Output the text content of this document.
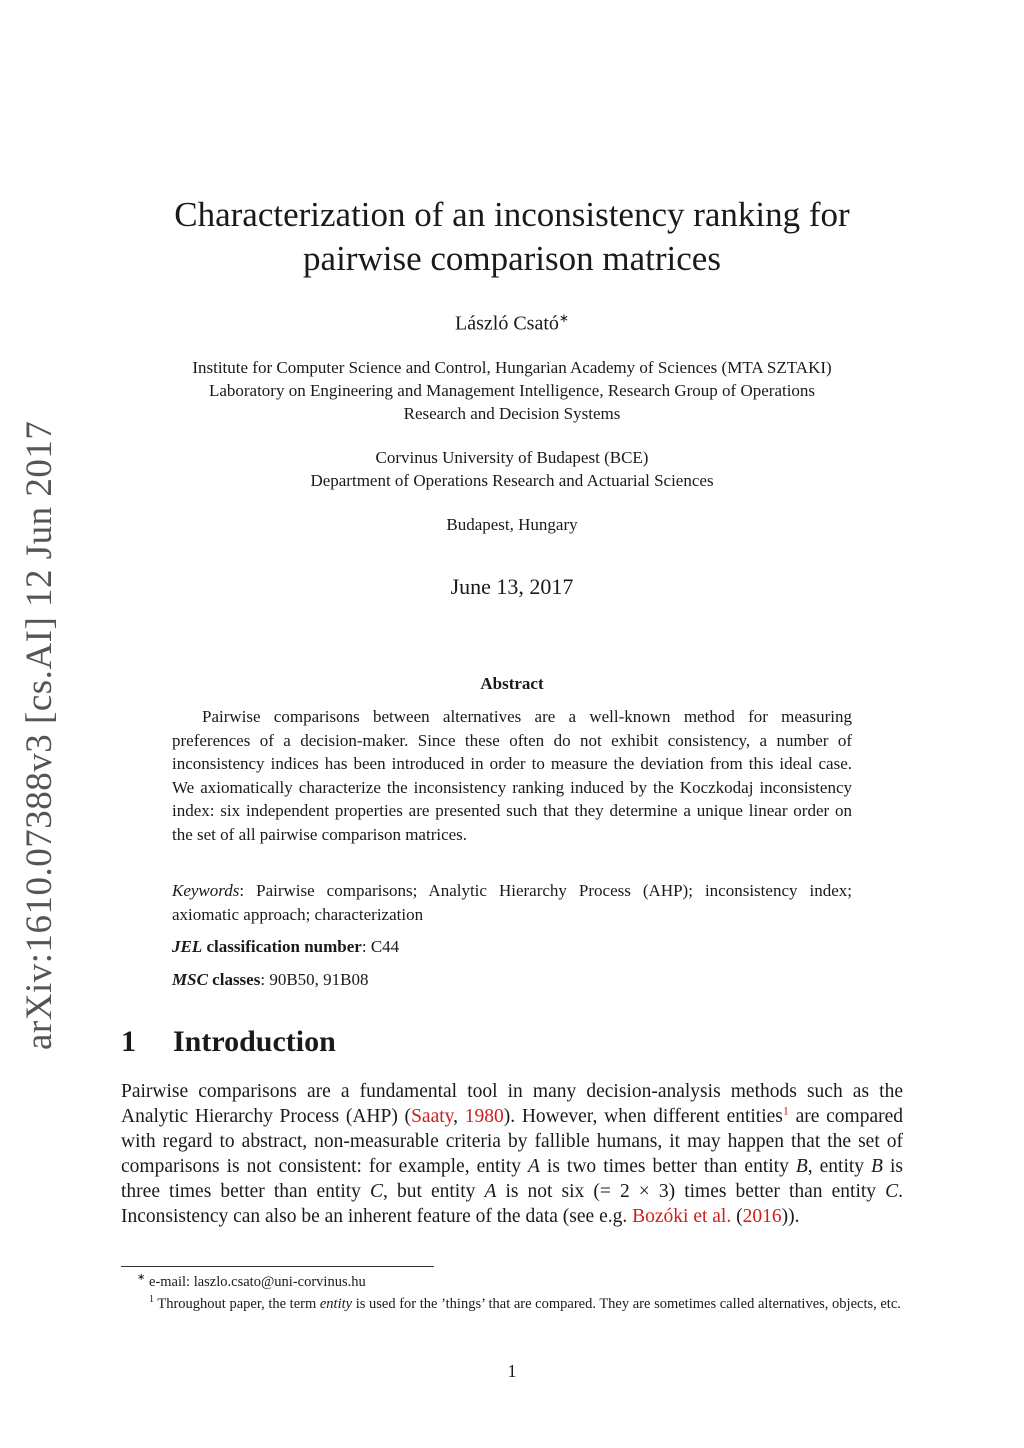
arXiv:1610.07388v3 [cs.AI] 12 Jun 2017
Characterization of an inconsistency ranking for
pairwise comparison matrices
László Csató∗
Institute for Computer Science and Control, Hungarian Academy of Sciences (MTA SZTAKI)
Laboratory on Engineering and Management Intelligence, Research Group of Operations
Research and Decision Systems
Corvinus University of Budapest (BCE)
Department of Operations Research and Actuarial Sciences
Budapest, Hungary
June 13, 2017
Abstract
Pairwise comparisons between alternatives are a well-known method for measuring preferences of a decision-maker. Since these often do not exhibit consistency, a number of inconsistency indices has been introduced in order to measure the deviation from this ideal case. We axiomatically characterize the inconsistency ranking induced by the Koczkodaj inconsistency index: six independent properties are presented such that they determine a unique linear order on the set of all pairwise comparison matrices.
Keywords: Pairwise comparisons; Analytic Hierarchy Process (AHP); inconsistency index; axiomatic approach; characterization
JEL classification number: C44
MSC classes: 90B50, 91B08
1 Introduction
Pairwise comparisons are a fundamental tool in many decision-analysis methods such as the Analytic Hierarchy Process (AHP) (Saaty, 1980). However, when different entities$^1$ are compared with regard to abstract, non-measurable criteria by fallible humans, it may happen that the set of comparisons is not consistent: for example, entity A is two times better than entity B, entity B is three times better than entity C, but entity A is not six (= 2 × 3) times better than entity C. Inconsistency can also be an inherent feature of the data (see e.g. Bozóki et al. (2016)).
∗ e-mail: laszlo.csato@uni-corvinus.hu
$^1$ Throughout paper, the term entity is used for the ’things’ that are compared. They are sometimes called alternatives, objects, etc.
1
